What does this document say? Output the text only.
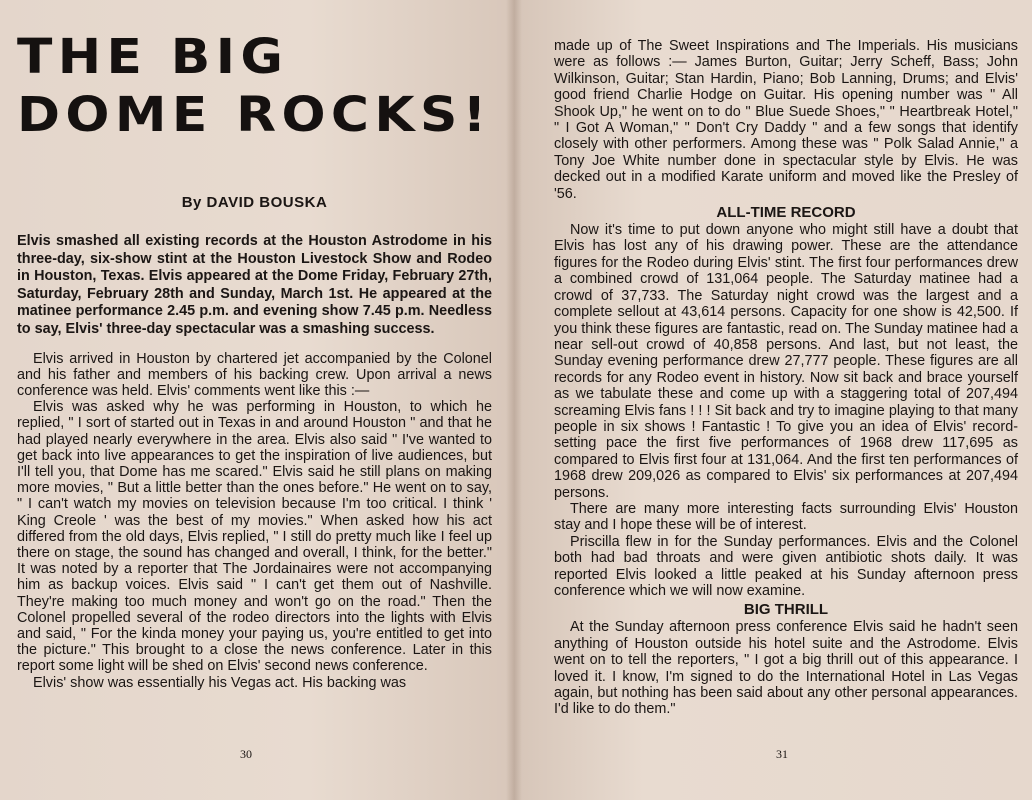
THE BIG
DOME ROCKS!
By DAVID BOUSKA

Elvis smashed all existing records at the Houston Astrodome in his three-day, six-show stint at the Houston Livestock Show and Rodeo in Houston, Texas. Elvis appeared at the Dome Friday, February 27th, Saturday, February 28th and Sunday, March 1st. He appeared at the matinee performance 2.45 p.m. and evening show 7.45 p.m. Needless to say, Elvis' three-day spectacular was a smashing success.

Elvis arrived in Houston by chartered jet accompanied by the Colonel and his father and members of his backing crew. Upon arrival a news conference was held. Elvis' comments went like this :—

Elvis was asked why he was performing in Houston, to which he replied, " I sort of started out in Texas in and around Houston " and that he had played nearly everywhere in the area. Elvis also said " I've wanted to get back into live appearances to get the inspiration of live audiences, but I'll tell you, that Dome has me scared." Elvis said he still plans on making more movies, " But a little better than the ones before." He went on to say, " I can't watch my movies on television because I'm too critical. I think ' King Creole ' was the best of my movies." When asked how his act differed from the old days, Elvis replied, " I still do pretty much like I feel up there on stage, the sound has changed and overall, I think, for the better." It was noted by a reporter that The Jordainaires were not accompanying him as backup voices. Elvis said " I can't get them out of Nashville. They're making too much money and won't go on the road." Then the Colonel propelled several of the rodeo directors into the lights with Elvis and said, " For the kinda money your paying us, you're entitled to get into the picture." This brought to a close the news conference. Later in this report some light will be shed on Elvis' second news conference.

Elvis' show was essentially his Vegas act. His backing was

30

made up of The Sweet Inspirations and The Imperials. His musicians were as follows :— James Burton, Guitar; Jerry Scheff, Bass; John Wilkinson, Guitar; Stan Hardin, Piano; Bob Lanning, Drums; and Elvis' good friend Charlie Hodge on Guitar. His opening number was " All Shook Up," he went on to do " Blue Suede Shoes," " Heartbreak Hotel," " I Got A Woman," " Don't Cry Daddy " and a few songs that identify closely with other performers. Among these was " Polk Salad Annie," a Tony Joe White number done in spectacular style by Elvis. He was decked out in a modified Karate uniform and moved like the Presley of '56.

ALL-TIME RECORD

Now it's time to put down anyone who might still have a doubt that Elvis has lost any of his drawing power. These are the attendance figures for the Rodeo during Elvis' stint. The first four performances drew a combined crowd of 131,064 people. The Saturday matinee had a crowd of 37,733. The Saturday night crowd was the largest and a complete sellout at 43,614 persons. Capacity for one show is 42,500. If you think these figures are fantastic, read on. The Sunday matinee had a near sell-out crowd of 40,858 persons. And last, but not least, the Sunday evening performance drew 27,777 people. These figures are all records for any Rodeo event in history. Now sit back and brace yourself as we tabulate these and come up with a staggering total of 207,494 screaming Elvis fans ! ! ! Sit back and try to imagine playing to that many people in six shows ! Fantastic ! To give you an idea of Elvis' record-setting pace the first five performances of 1968 drew 117,695 as compared to Elvis first four at 131,064. And the first ten performances of 1968 drew 209,026 as compared to Elvis' six performances at 207,494 persons.

There are many more interesting facts surrounding Elvis' Houston stay and I hope these will be of interest.

Priscilla flew in for the Sunday performances. Elvis and the Colonel both had bad throats and were given antibiotic shots daily. It was reported Elvis looked a little peaked at his Sunday afternoon press conference which we will now examine.

BIG THRILL

At the Sunday afternoon press conference Elvis said he hadn't seen anything of Houston outside his hotel suite and the Astrodome. Elvis went on to tell the reporters, " I got a big thrill out of this appearance. I loved it. I know, I'm signed to do the International Hotel in Las Vegas again, but nothing has been said about any other personal appearances. I'd like to do them."

31
